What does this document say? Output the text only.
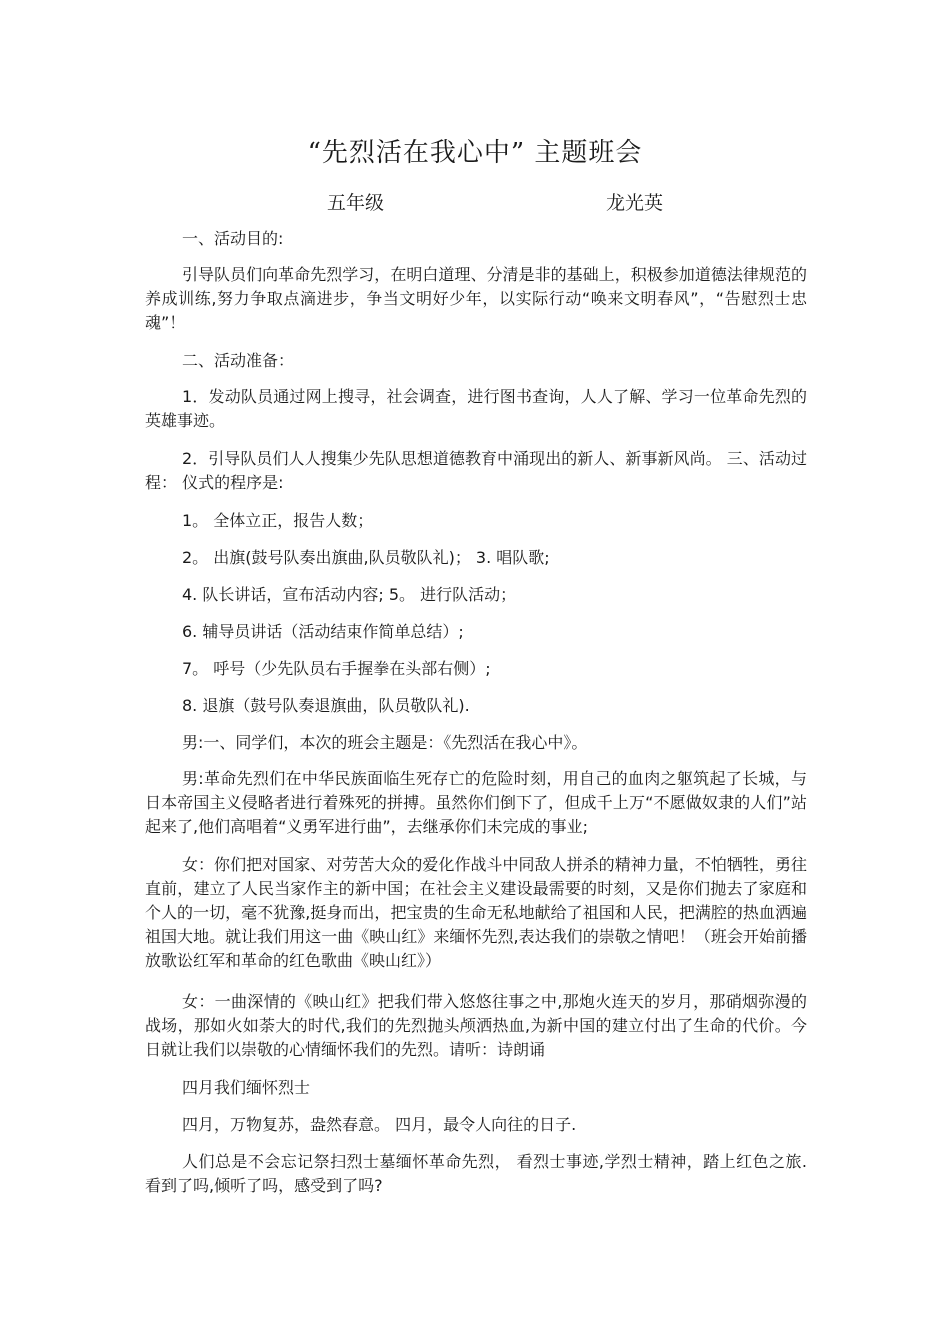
“先烈活在我心中” 主题班会
五年级	龙光英

一、活动目的:

引导队员们向革命先烈学习，在明白道理、分清是非的基础上，积极参加道德法律规范的养成训练,努力争取点滴进步，争当文明好少年，以实际行动“唤来文明春风”，“告慰烈士忠魂”！

二、活动准备：

1．发动队员通过网上搜寻，社会调查，进行图书查询，人人了解、学习一位革命先烈的英雄事迹。

2．引导队员们人人搜集少先队思想道德教育中涌现出的新人、新事新风尚。 三、活动过程： 仪式的程序是:

1。 全体立正，报告人数；

2。 出旗(鼓号队奏出旗曲,队员敬队礼)； 3. 唱队歌;

4. 队长讲话，宣布活动内容; 5。 进行队活动；

6. 辅导员讲话（活动结束作简单总结）;

7。 呼号（少先队员右手握拳在头部右侧）;

8. 退旗（鼓号队奏退旗曲，队员敬队礼).

男:一、同学们，本次的班会主题是：《先烈活在我心中》。

男:革命先烈们在中华民族面临生死存亡的危险时刻，用自己的血肉之躯筑起了长城，与日本帝国主义侵略者进行着殊死的拼搏。虽然你们倒下了，但成千上万“不愿做奴隶的人们”站起来了,他们高唱着“义勇军进行曲”，去继承你们未完成的事业;

女：你们把对国家、对劳苦大众的爱化作战斗中同敌人拼杀的精神力量，不怕牺牲，勇往直前，建立了人民当家作主的新中国；在社会主义建设最需要的时刻，又是你们抛去了家庭和个人的一切，毫不犹豫,挺身而出，把宝贵的生命无私地献给了祖国和人民，把满腔的热血洒遍祖国大地。就让我们用这一曲《映山红》来缅怀先烈,表达我们的崇敬之情吧！（班会开始前播放歌讼红军和革命的红色歌曲《映山红》）

女：一曲深情的《映山红》把我们带入悠悠往事之中,那炮火连天的岁月，那硝烟弥漫的战场，那如火如荼大的时代,我们的先烈抛头颅洒热血,为新中国的建立付出了生命的代价。今日就让我们以崇敬的心情缅怀我们的先烈。请听：诗朗诵

四月我们缅怀烈士

四月，万物复苏，盎然春意。 四月，最令人向往的日子.

人们总是不会忘记祭扫烈士墓缅怀革命先烈， 看烈士事迹,学烈士精神，踏上红色之旅. 看到了吗,倾听了吗，感受到了吗?
